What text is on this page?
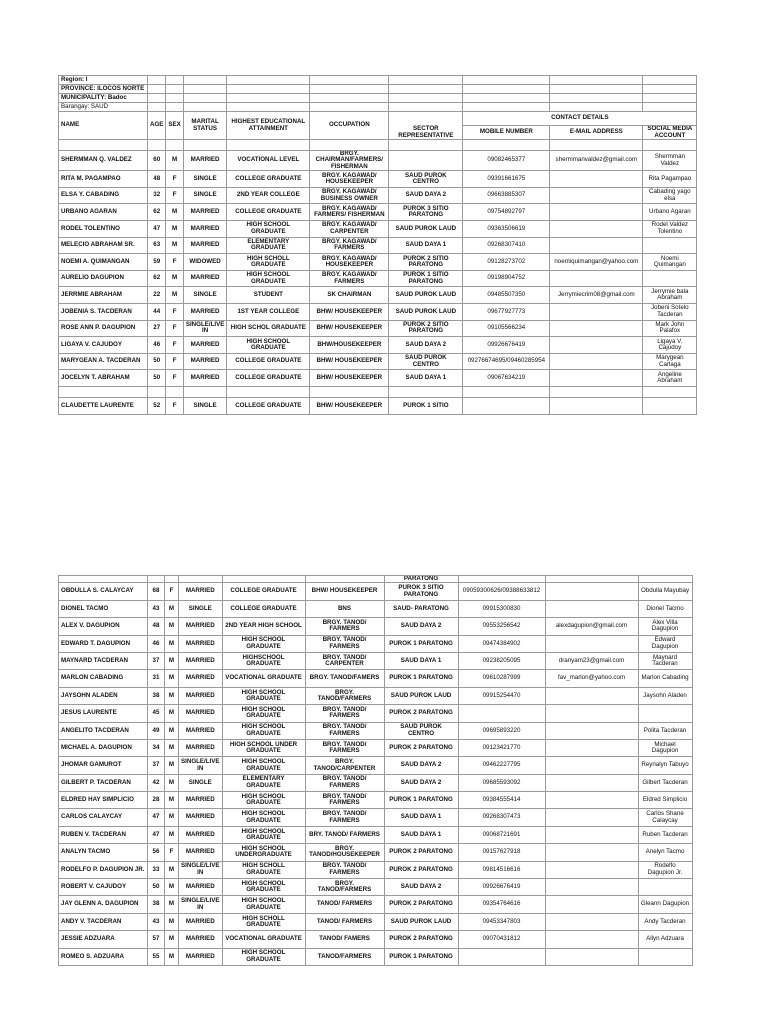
Region: I									
PROVINCE: ILOCOS NORTE									
MUNICIPALITY: Badoc									
Barangay: SAUD									
NAME	AGE	SEX	MARITAL STATUS	HIGHEST EDUCATIONAL ATTAINMENT	OCCUPATION	SECTOR REPRESENTATIVE	CONTACT DETAILS		
							MOBILE NUMBER	E-MAIL ADDRESS	SOCIAL MEDIA ACCOUNT

SHERMMAN Q. VALDEZ	60	M	MARRIED	VOCATIONAL LEVEL	BRGY. CHAIRMAN/FARMERS/ FISHERMAN		09082465377	shermmanvaldez@gmail.com	Shermman Valdez
RITA M. PAGAMPAO	48	F	SINGLE	COLLEGE GRADUATE	BRGY. KAGAWAD/ HOUSEKEEPER	SAUD PUROK CENTRO	09391661675		Rita Pagampao
ELSA Y. CABADING	32	F	SINGLE	2ND YEAR COLLEGE	BRGY. KAGAWAD/ BUSINESS OWNER	SAUD DAYA 2	09663885307		Cabading yago elsa
URBANO AGARAN	62	M	MARRIED	COLLEGE GRADUATE	BRGY. KAGAWAD/ FARMERS/ FISHERMAN	PUROK 3 SITIO PARATONG	09754892797		Urbano Agaran
RODEL TOLENTINO	47	M	MARRIED	HIGH SCHOOL GRADUATE	BRGY. KAGAWAD/ CARPENTER	SAUD PUROK LAUD	09363506619		Rodel Valdez Tolentino
MELECIO ABRAHAM SR.	63	M	MARRIED	ELEMENTARY GRADUATE	BRGY. KAGAWAD/ FARMERS	SAUD DAYA 1	09268307410		
NOEMI A. QUIMANGAN	59	F	WIDOWED	HIGH SCHOLL GRADUATE	BRGY. KAGAWAD/ HOUSEKEEPER	PUROK 2 SITIO PARATONG	09128273702	noemiquimangan@yahoo.com	Noemi Quimangan
AURELIO DAGUPION	62	M	MARRIED	HIGH SCHOOL GRADUATE	BRGY. KAGAWAD/ FARMERS	PUROK 1 SITIO PARATONG	09198904752		
JERRMIE ABRAHAM	22	M	SINGLE	STUDENT	SK CHAIRMAN	SAUD PUROK LAUD	09485507350	Jerrymiecrim08@gmail.com	Jerrymie bala Abraham
JOBENIA S. TACDERAN	44	F	MARRIED	1ST YEAR COLLEGE	BHW/ HOUSEKEEPER	SAUD PUROK LAUD	09677927773		Jobeni Sotelo Tacderan
ROSE ANN P. DAGUPION	27	F	SINGLE/LIVE IN	HIGH SCHOL GRADUATE	BHW/ HOUSEKEEPER	PUROK 2 SITIO PARATONG	09105566234		Mark John Palafox
LIGAYA V. CAJUDOY	46	F	MARRIED	HIGH SCHOOL GRADUATE	BHW/HOUSEKEEPER	SAUD DAYA 2	09926676419		Ligaya V. Cajudoy
MARYGEAN A. TACDERAN	50	F	MARRIED	COLLEGE GRADUATE	BHW/ HOUSEKEEPER	SAUD PUROK CENTRO	09276674695/09460285954		Marygean Carlaga
JOCELYN T. ABRAHAM	50	F	MARRIED	COLLEGE GRADUATE	BHW/ HOUSEKEEPER	SAUD DAYA 1	09067634219		Angeline Abraham

CLAUDETTE LAURENTE	52	F	SINGLE	COLLEGE GRADUATE	BHW/ HOUSEKEEPER	PUROK 1 SITIO			
						PARATONG			
OBDULLA S. CALAYCAY	68	F	MARRIED	COLLEGE GRADUATE	BHW/ HOUSEKEEPER	PUROK 3 SITIO PARATONG	09059300626/09388633812		Obdulla Mayubay
DIONEL TACMO	43	M	SINGLE	COLLEGE GRADUATE	BNS	SAUD- PARATONG	09915300830		Dionel Tacmo
ALEX V. DAGUPION	48	M	MARRIED	2ND YEAR HIGH SCHOOL	BRGY. TANOD/ FARMERS	SAUD DAYA 2	09553256542	alexdagupion@gmail.com	Alex Villa Dagupion
EDWARD T. DAGUPION	46	M	MARRIED	HIGH SCHOOL GRADUATE	BRGY. TANOD/ FARMERS	PUROK 1 PARATONG	09474384902		Edward Dagupion
MAYNARD TACDERAN	37	M	MARRIED	HIGHSCHOOL GRADUATE	BRGY. TANOD/ CARPENTER	SAUD DAYA 1	09238205095	dranyam23@gmail.com	Maynard Tacderan
MARLON CABADING	31	M	MARRIED	VOCATIONAL GRADUATE	BRGY. TANOD/FAMERS	PUROK 1 PARATONG	09610287999	fav_marlon@yahoo.com	Marlon Cabading
JAYSOHN ALADEN	38	M	MARRIED	HIGH SCHOOL GRADUATE	BRGY. TANOD/FARMERS	SAUD PUROK LAUD	09915254470		Jaysohn Aladen
JESUS LAURENTE	45	M	MARRIED	HIGH SCHOOL GRADUATE	BRGY. TANOD/ FARMERS	PUROK 2 PARATONG			
ANGELITO TACDERAN	49	M	MARRIED	HIGH SCHOOL GRADUATE	BRGY. TANOD/ FARMERS	SAUD PUROK CENTRO	09695893220		Polita Tacderan
MICHAEL A. DAGUPION	34	M	MARRIED	HIGH SCHOOL UNDER GRADUATE	BRGY. TANOD/ FARMERS	PUROK 2 PARATONG	09123421770		Michael Dagupion
JHOMAR GAMUROT	37	M	SINGLE/LIVE IN	HIGH SCHOOL GRADUATE	BRGY. TANOD/CARPENTER	SAUD DAYA 2	09462227795		Reynalyn Tabuyo
GILBERT P. TACDERAN	42	M	SINGLE	ELEMENTARY GRADUATE	BRGY. TANOD/ FARMERS	SAUD DAYA 2	09685593092		Gilbert Tacderan
ELDRED HAY SIMPLICIO	28	M	MARRIED	HIGH SCHOOL GRADUATE	BRGY. TANOD/ FARMERS	PUROK 1 PARATONG	09384555414		Eldred Simplicio
CARLOS CALAYCAY	47	M	MARRIED	HIGH SCHOOL GRADUATE	BRGY. TANOD/ FARMERS	SAUD DAYA 1	09268307473		Carlos Shane Calaycay
RUBEN V. TACDERAN	47	M	MARRIED	HIGH SCHOOL GRADUATE	BRY. TANOD/ FARMERS	SAUD DAYA 1	09068721691		Ruben Tacderan
ANALYN TACMO	56	F	MARRIED	HIGH SCHOOL UNDERGRADUATE	BRGY. TANOD/HOUSEKEEPER	PUROK 2 PARATONG	09157627918		Anelyn Tacmo
RODELFO P. DAGUPION JR.	33	M	SINGLE/LIVE IN	HIGH SCHOLL GRADUATE	BRGY. TANOD/ FARMERS	PUROK 2 PARATONG	09814516616		Rodelfo Dagupion Jr.
ROBERT V. CAJUDOY	50	M	MARRIED	HIGH SCHOOL GRADUATE	BRGY. TANOD/FARMERS	SAUD DAYA 2	09926676419		
JAY GLENN A. DAGUPION	38	M	SINGLE/LIVE IN	HIGH SCHOOL GRADUATE	TANOD/ FARMERS	PUROK 2 PARATONG	09354764616		Gleann Dagupion
ANDY V. TACDERAN	43	M	MARRIED	HIGH SCHOLL GRADUATE	TANOD/ FARMERS	SAUD PUROK LAUD	09453347803		Andy Tacderan
JESSIE ADZUARA	57	M	MARRIED	VOCATIONAL GRADUATE	TANOD/ FAMERS	PUROK 2 PARATONG	09070431812		Allyn Adzuara
ROMEO S. ADZUARA	55	M	MARRIED	HIGH SCHOOL GRADUATE	TANOD/FARMERS	PUROK 1 PARATONG			
